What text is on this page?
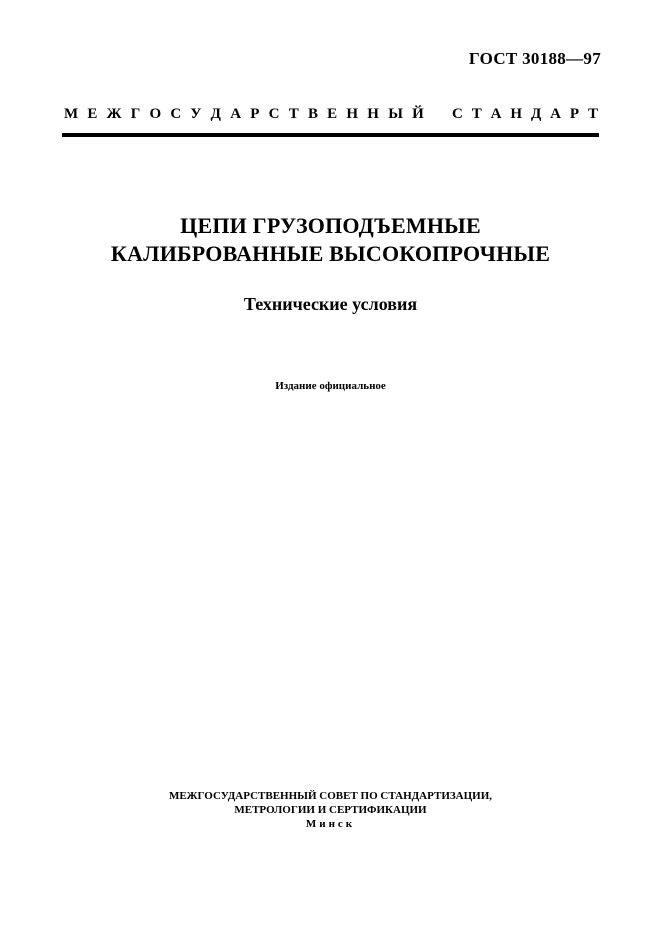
ГОСТ 30188—97
М Е Ж Г О С У Д А Р С Т В Е Н Н Ы Й С Т А Н Д А Р Т
ЦЕПИ ГРУЗОПОДЪЕМНЫЕ
КАЛИБРОВАННЫЕ ВЫСОКОПРОЧНЫЕ
Технические условия
Издание официальное
МЕЖГОСУДАРСТВЕННЫЙ СОВЕТ ПО СТАНДАРТИЗАЦИИ,
МЕТРОЛОГИИ И СЕРТИФИКАЦИИ
Минск
